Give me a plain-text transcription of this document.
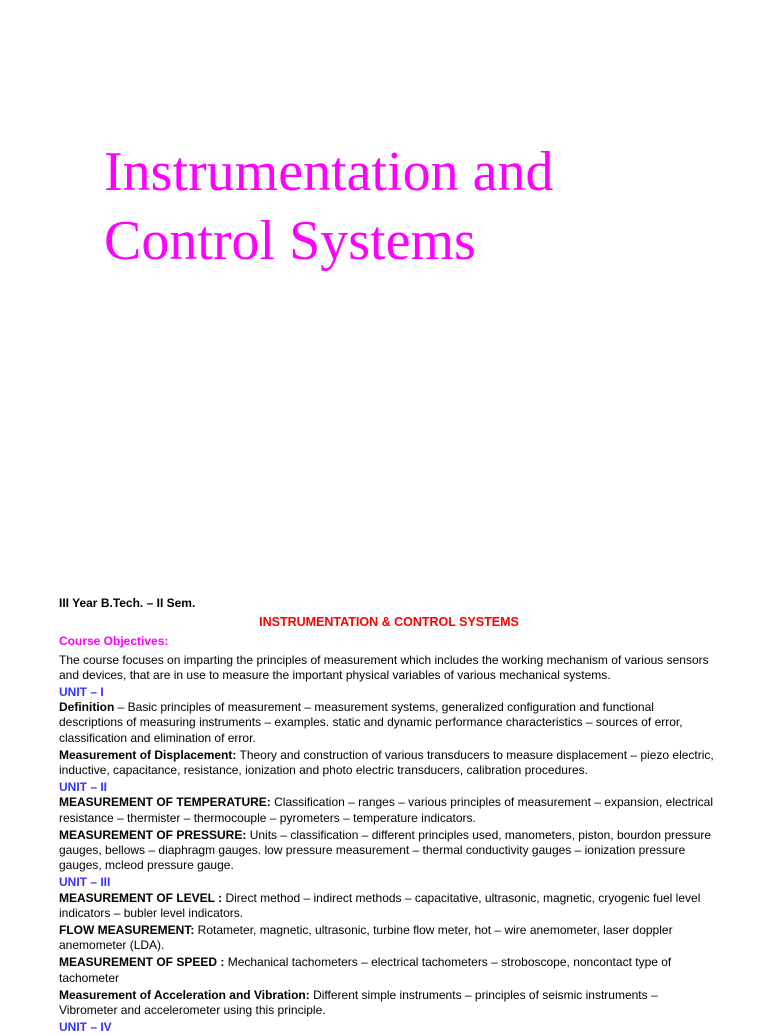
Instrumentation and
Control Systems
III Year B.Tech. – II Sem.
INSTRUMENTATION & CONTROL SYSTEMS
Course Objectives:

The course focuses on imparting the principles of measurement which includes the working mechanism of various sensors and devices, that are in use to measure the important physical variables of various mechanical systems.

UNIT – I

Definition – Basic principles of measurement – measurement systems, generalized configuration and functional descriptions of measuring instruments – examples. static and dynamic performance characteristics – sources of error, classification and elimination of error.

Measurement of Displacement: Theory and construction of various transducers to measure displacement – piezo electric, inductive, capacitance, resistance, ionization and photo electric transducers, calibration procedures.

UNIT – II

MEASUREMENT OF TEMPERATURE: Classification – ranges – various principles of measurement – expansion, electrical resistance – thermister – thermocouple – pyrometers – temperature indicators.

MEASUREMENT OF PRESSURE: Units – classification – different principles used, manometers, piston, bourdon pressure gauges, bellows – diaphragm gauges. low pressure measurement – thermal conductivity gauges – ionization pressure gauges, mcleod pressure gauge.

UNIT – III

MEASUREMENT OF LEVEL : Direct method – indirect methods – capacitative, ultrasonic, magnetic, cryogenic fuel level indicators – bubler level indicators.

FLOW MEASUREMENT: Rotameter, magnetic, ultrasonic, turbine flow meter, hot – wire anemometer, laser doppler anemometer (LDA).

MEASUREMENT OF SPEED : Mechanical tachometers – electrical tachometers – stroboscope, noncontact type of tachometer

Measurement of Acceleration and Vibration: Different simple instruments – principles of seismic instruments – Vibrometer and accelerometer using this principle.

UNIT – IV
